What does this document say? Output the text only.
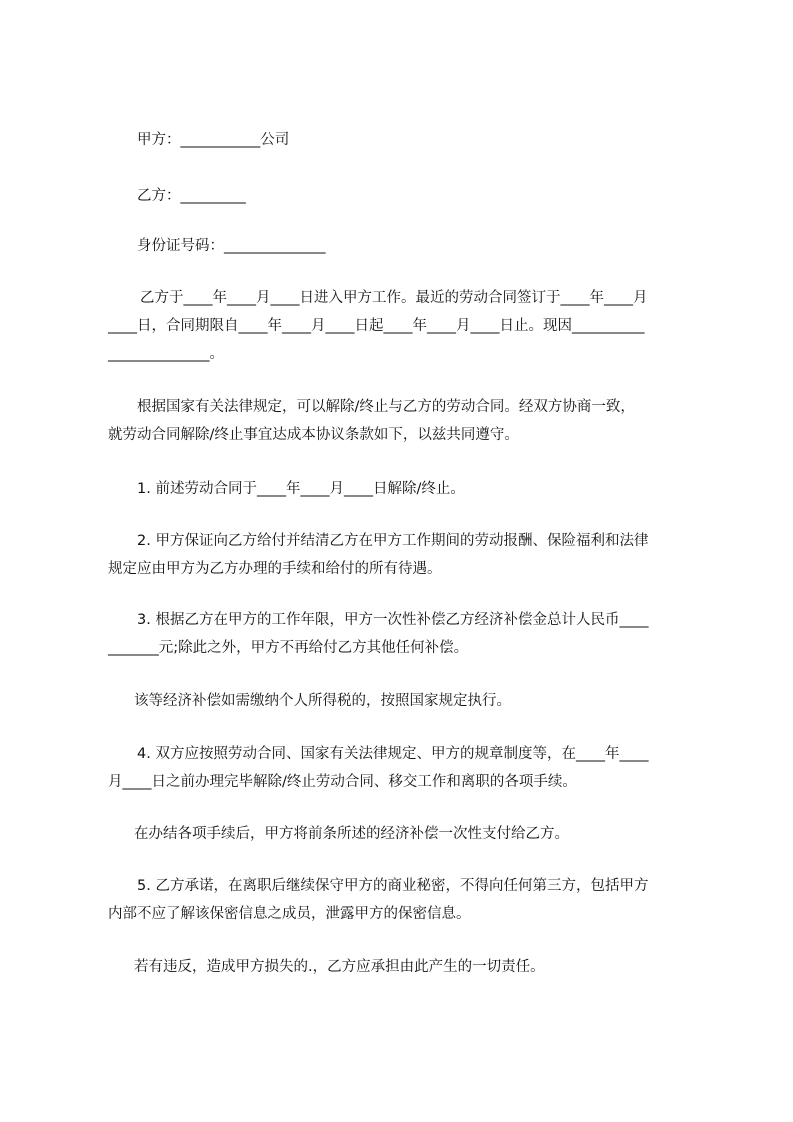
甲方：___________公司
乙方：_________
身份证号码：______________
乙方于____年____月____日进入甲方工作。最近的劳动合同签订于____年____月
____日，合同期限自____年____月____日起____年____月____日止。现因__________
______________。
根据国家有关法律规定，可以解除/终止与乙方的劳动合同。经双方协商一致，
就劳动合同解除/终止事宜达成本协议条款如下，以兹共同遵守。
1. 前述劳动合同于____年____月____日解除/终止。
2. 甲方保证向乙方给付并结清乙方在甲方工作期间的劳动报酬、保险福利和法律
规定应由甲方为乙方办理的手续和给付的所有待遇。
3. 根据乙方在甲方的工作年限，甲方一次性补偿乙方经济补偿金总计人民币____
_______元;除此之外，甲方不再给付乙方其他任何补偿。
该等经济补偿如需缴纳个人所得税的，按照国家规定执行。
4. 双方应按照劳动合同、国家有关法律规定、甲方的规章制度等，在____年____
月____日之前办理完毕解除/终止劳动合同、移交工作和离职的各项手续。
在办结各项手续后，甲方将前条所述的经济补偿一次性支付给乙方。
5. 乙方承诺，在离职后继续保守甲方的商业秘密，不得向任何第三方，包括甲方
内部不应了解该保密信息之成员，泄露甲方的保密信息。
若有违反，造成甲方损失的.，乙方应承担由此产生的一切责任。
